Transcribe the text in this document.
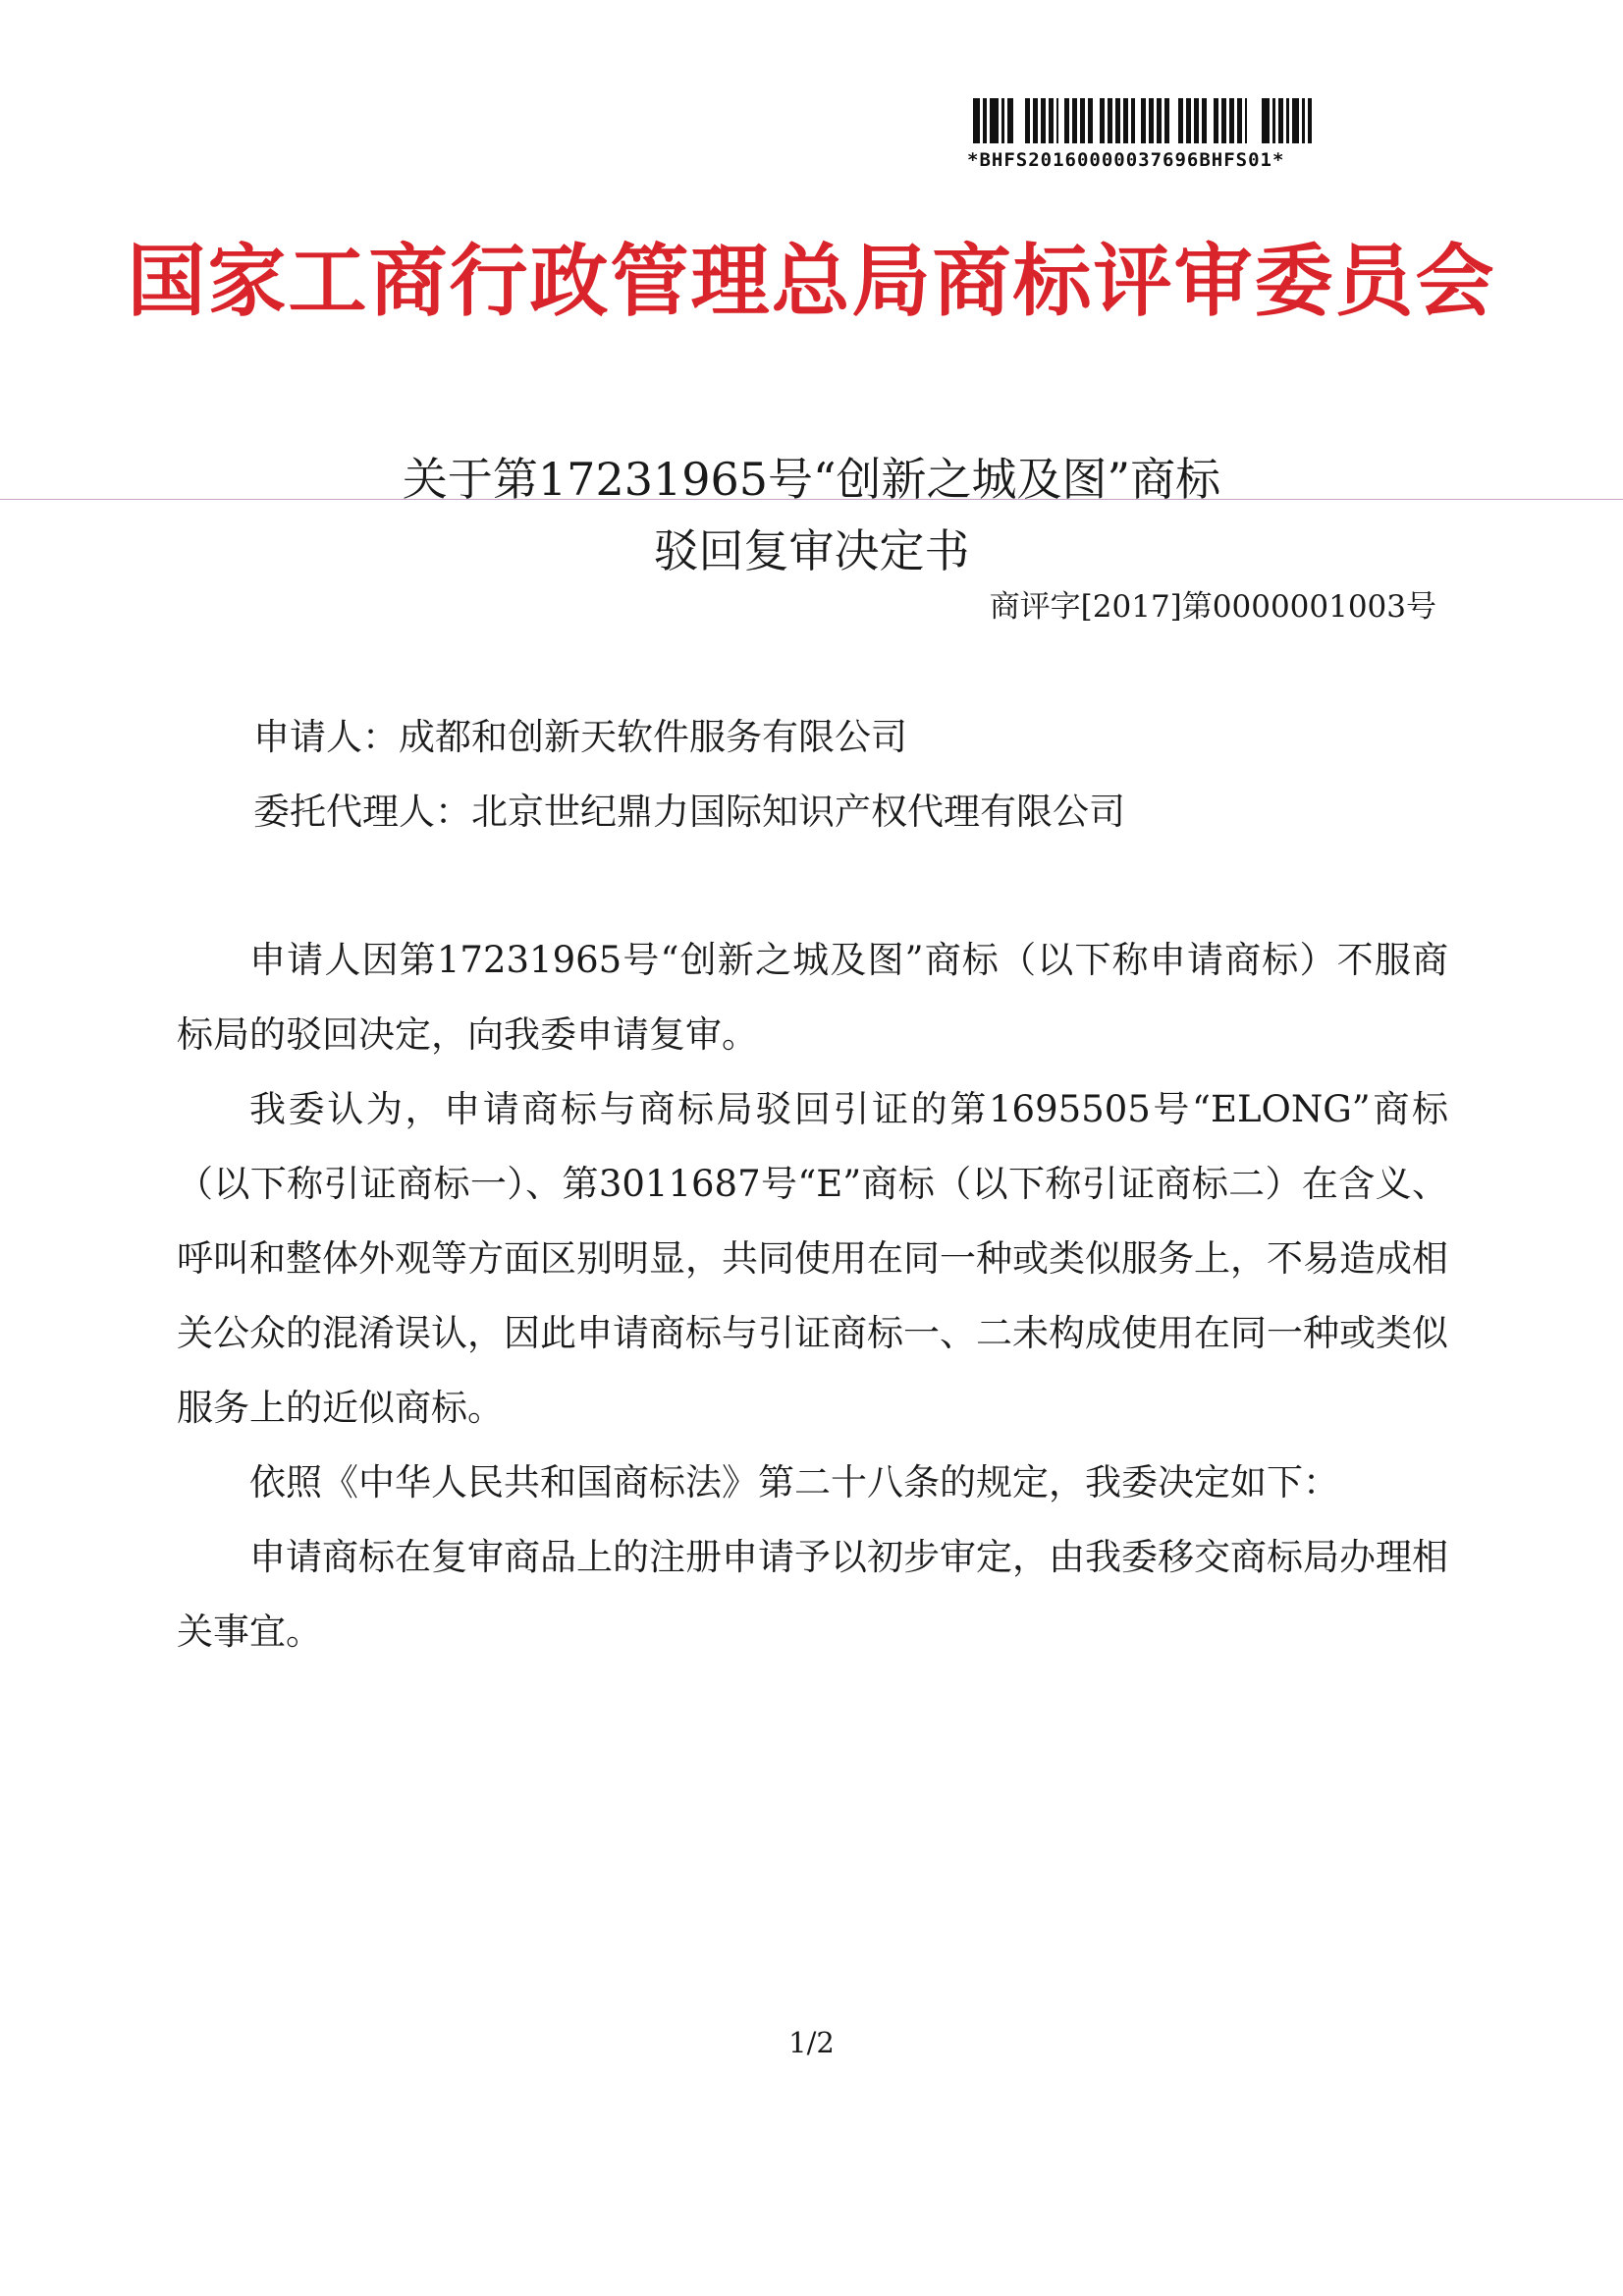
*BHFS20160000037696BHFS01*
国家工商行政管理总局商标评审委员会
关于第17231965号“创新之城及图”商标
驳回复审决定书
商评字[2017]第0000001003号
申请人：成都和创新天软件服务有限公司
委托代理人：北京世纪鼎力国际知识产权代理有限公司

申请人因第17231965号“创新之城及图”商标（以下称申请商标）不服商标局的驳回决定，向我委申请复审。

我委认为，申请商标与商标局驳回引证的第1695505号“ELONG”商标（以下称引证商标一）、第3011687号“E”商标（以下称引证商标二）在含义、呼叫和整体外观等方面区别明显，共同使用在同一种或类似服务上，不易造成相关公众的混淆误认，因此申请商标与引证商标一、二未构成使用在同一种或类似服务上的近似商标。

依照《中华人民共和国商标法》第二十八条的规定，我委决定如下：

申请商标在复审商品上的注册申请予以初步审定，由我委移交商标局办理相关事宜。

1/2
